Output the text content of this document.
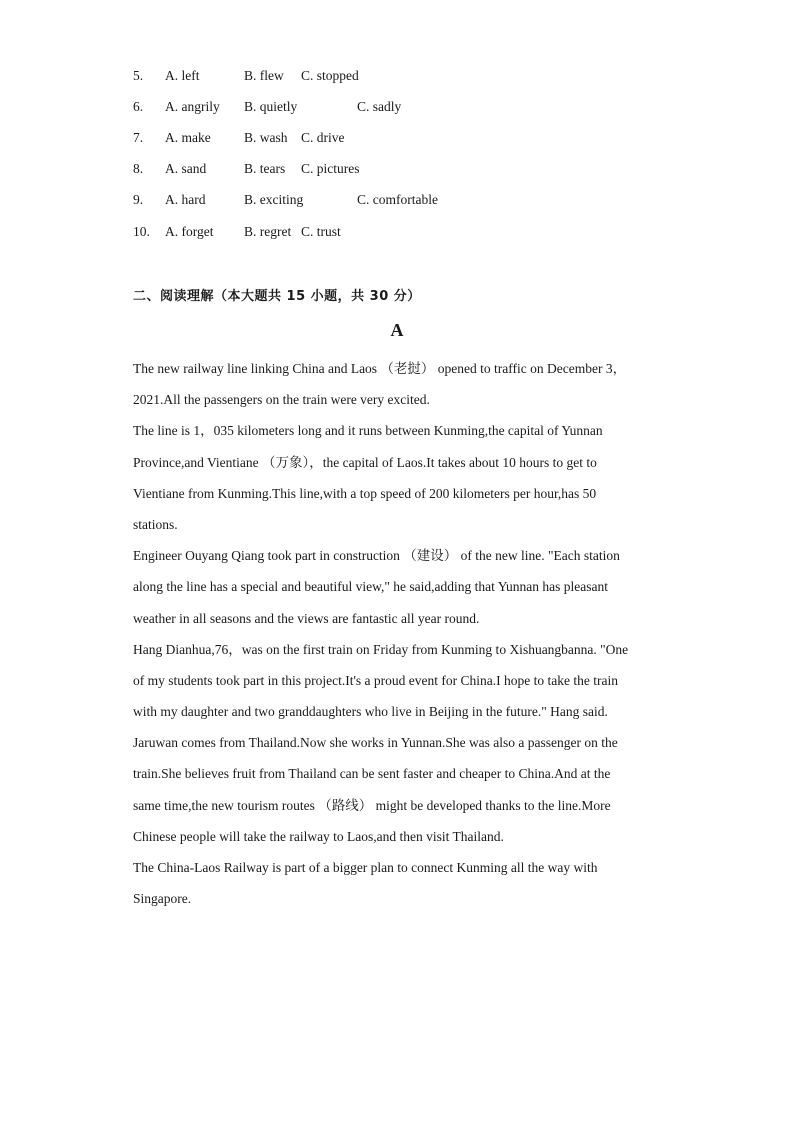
5. A. left	B. flew C. stopped
6. A. angrily B. quietly	C. sadly
7. A. make B. wash C. drive
8. A. sand	B. tears C. pictures
9. A. hard	B. exciting	C. comfortable
10. A. forget B. regret C. trust
二、阅读理解（本大题共 15 小题，共 30 分）
A
The new railway line linking China and Laos （老挝） opened to traffic on December 3，
2021.All the passengers on the train were very excited.
The line is 1，035 kilometers long and it runs between Kunming,the capital of Yunnan
Province,and Vientiane （万象），the capital of Laos.It takes about 10 hours to get to
Vientiane from Kunming.This line,with a top speed of 200 kilometers per hour,has 50
stations.
Engineer Ouyang Qiang took part in construction （建设） of the new line. "Each station
along the line has a special and beautiful view," he said,adding that Yunnan has pleasant
weather in all seasons and the views are fantastic all year round.
Hang Dianhua,76，was on the first train on Friday from Kunming to Xishuangbanna. "One
of my students took part in this project.It's a proud event for China.I hope to take the train
with my daughter and two granddaughters who live in Beijing in the future." Hang said.
Jaruwan comes from Thailand.Now she works in Yunnan.She was also a passenger on the
train.She believes fruit from Thailand can be sent faster and cheaper to China.And at the
same time,the new tourism routes （路线） might be developed thanks to the line.More
Chinese people will take the railway to Laos,and then visit Thailand.
The China-Laos Railway is part of a bigger plan to connect Kunming all the way with
Singapore.
